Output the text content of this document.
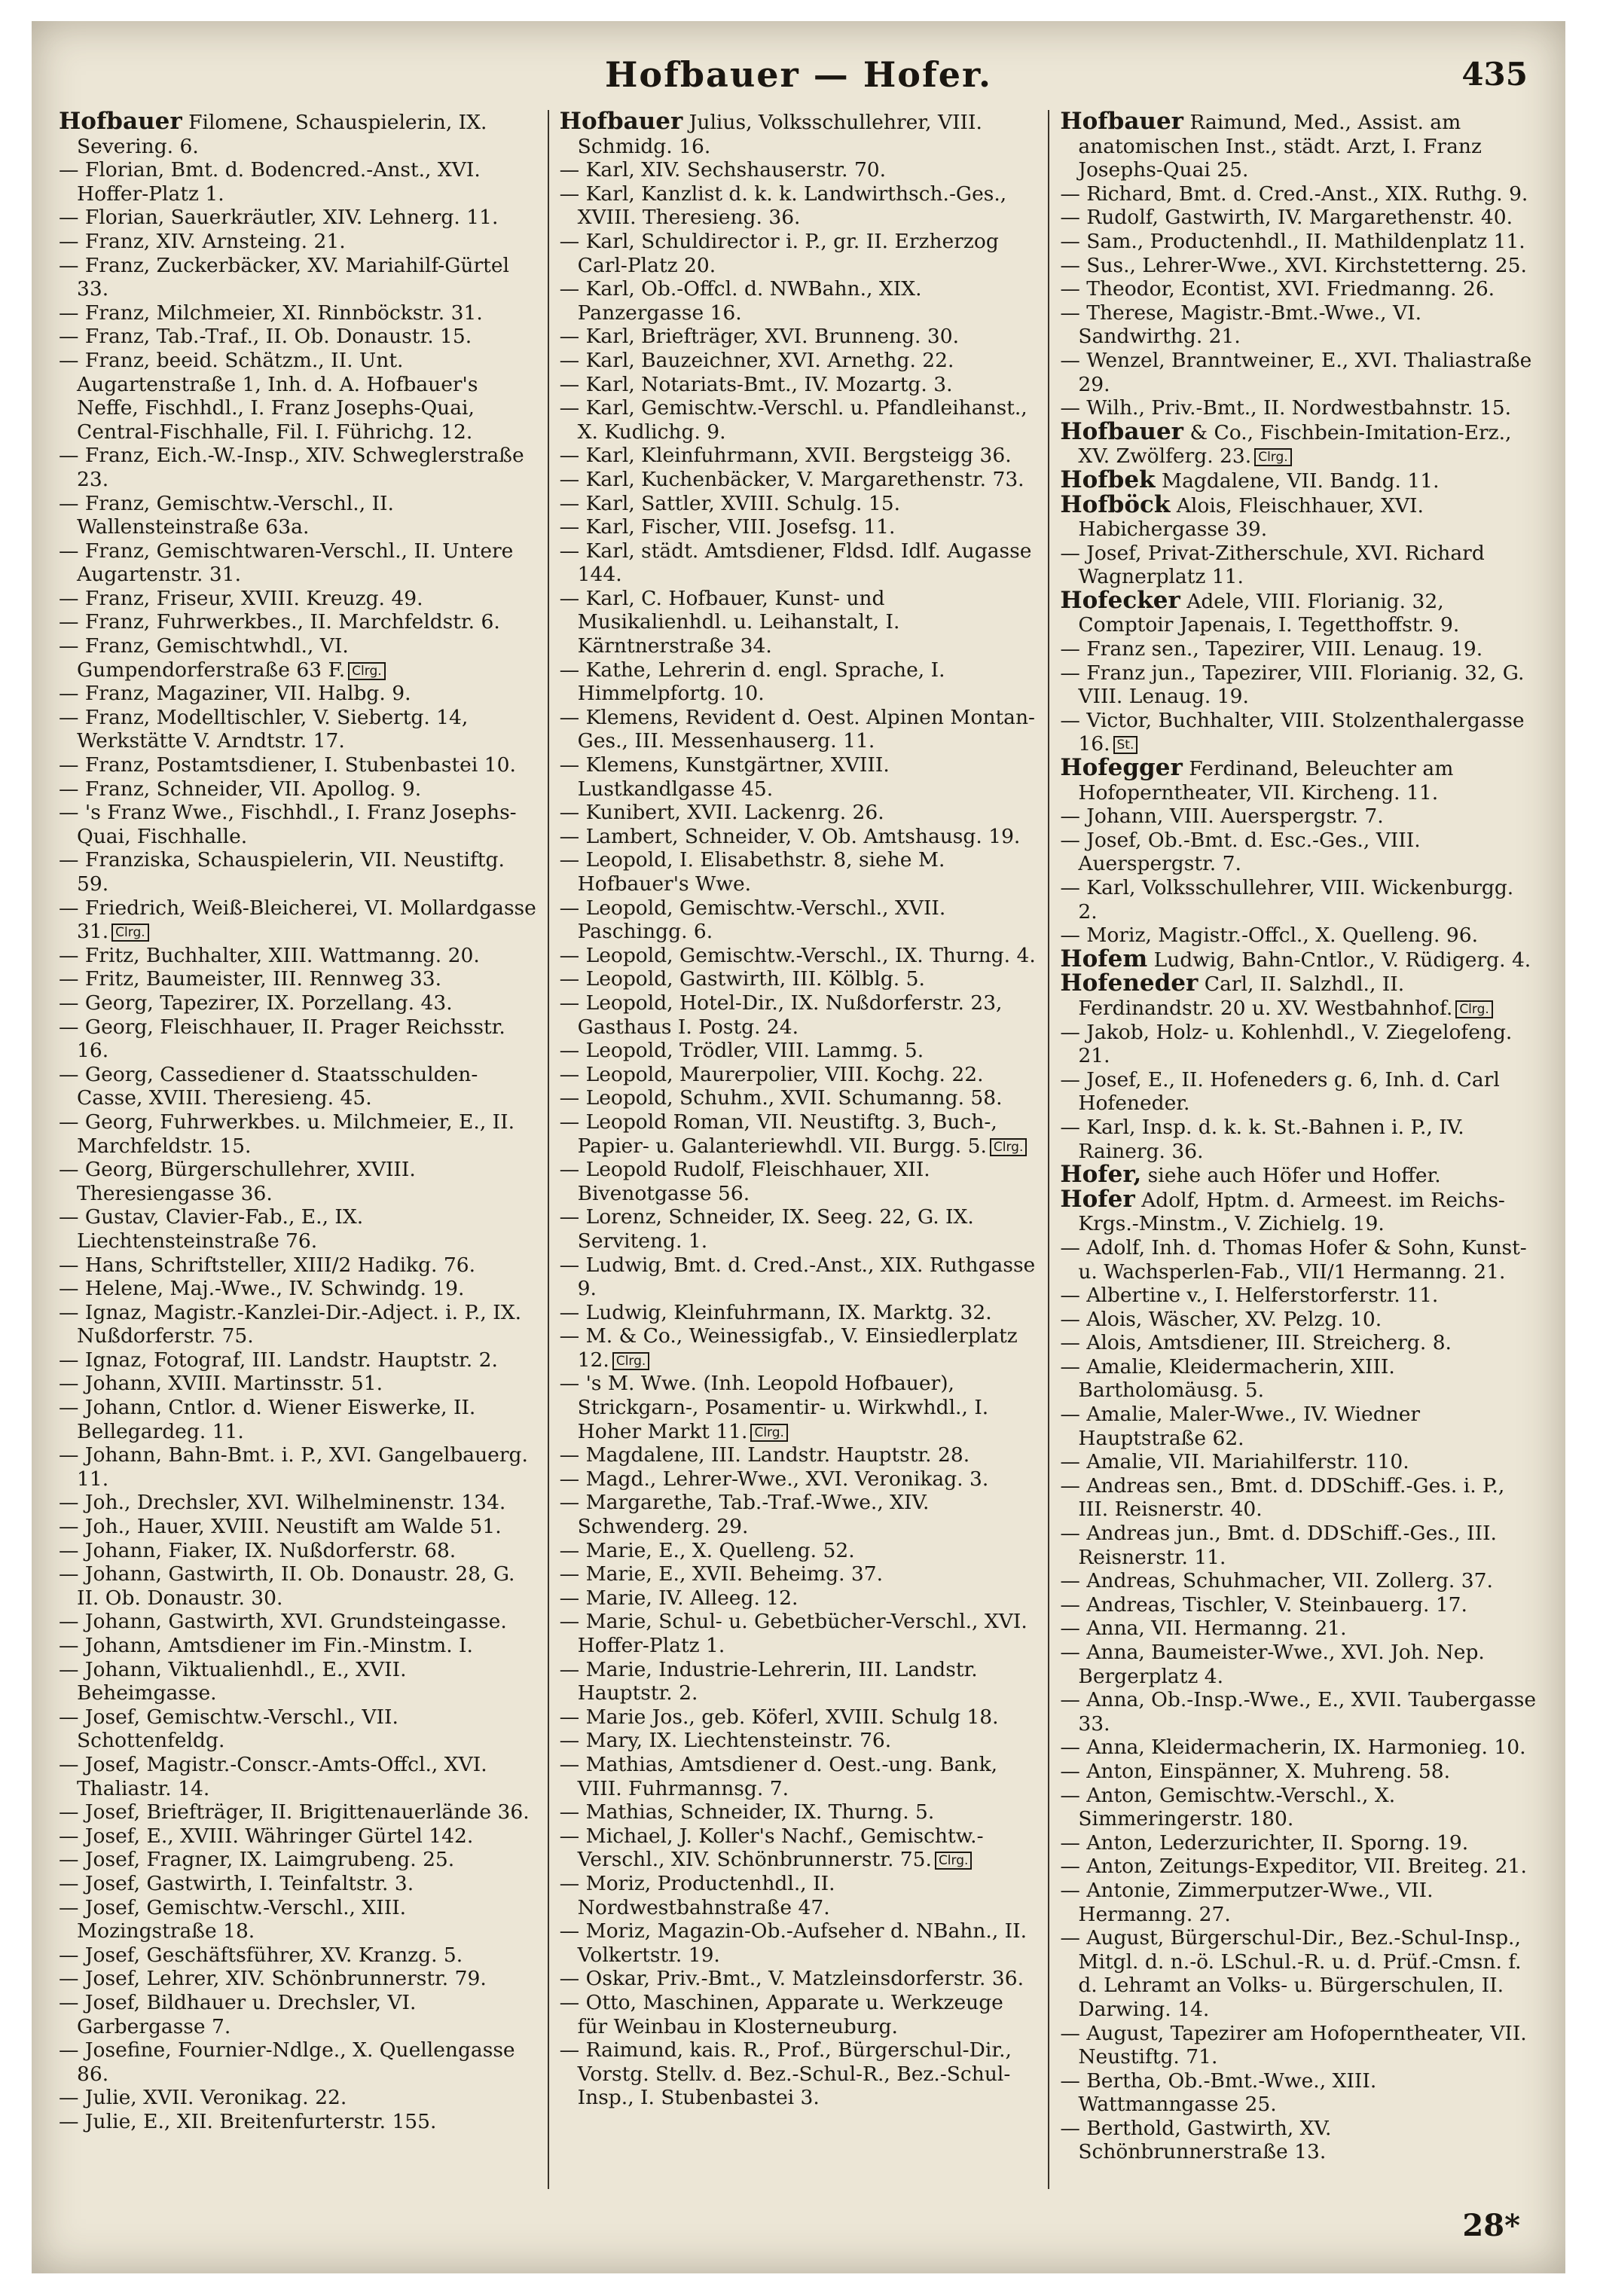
Hofbauer — Hofer.	435
Hofbauer Filomene, Schauspielerin, IX. Severing. 6.
— Florian, Bmt. d. Bodencred.-Anst., XVI. Hoffer-Platz 1.
— Florian, Sauerkräutler, XIV. Lehnerg. 11.
— Franz, XIV. Arnsteing. 21.
— Franz, Zuckerbäcker, XV. Mariahilf-Gürtel 33.
— Franz, Milchmeier, XI. Rinnböckstr. 31.
— Franz, Tab.-Traf., II. Ob. Donaustr. 15.
— Franz, beeid. Schätzm., II. Unt. Augartenstraße 1, Inh. d. A. Hofbauer's Neffe, Fischhdl., I. Franz Josephs-Quai, Central-Fischhalle, Fil. I. Führichg. 12.
— Franz, Eich.-W.-Insp., XIV. Schweglerstraße 23.
— Franz, Gemischtw.-Verschl., II. Wallensteinstraße 63a.
— Franz, Gemischtwaren-Verschl., II. Untere Augartenstr. 31.
— Franz, Friseur, XVIII. Kreuzg. 49.
— Franz, Fuhrwerkbes., II. Marchfeldstr. 6.
— Franz, Gemischtwhdl., VI. Gumpendorferstraße 63 F. Clrg.
— Franz, Magaziner, VII. Halbg. 9.
— Franz, Modelltischler, V. Siebertg. 14, Werkstätte V. Arndtstr. 17.
— Franz, Postamtsdiener, I. Stubenbastei 10.
— Franz, Schneider, VII. Apollog. 9.
— 's Franz Wwe., Fischhdl., I. Franz Josephs-Quai, Fischhalle.
— Franziska, Schauspielerin, VII. Neustiftg. 59.
— Friedrich, Weiß-Bleicherei, VI. Mollardgasse 31. Clrg.
— Fritz, Buchhalter, XIII. Wattmanng. 20.
— Fritz, Baumeister, III. Rennweg 33.
— Georg, Tapezirer, IX. Porzellang. 43.
— Georg, Fleischhauer, II. Prager Reichsstr. 16.
— Georg, Cassediener d. Staatsschulden-Casse, XVIII. Theresieng. 45.
— Georg, Fuhrwerkbes. u. Milchmeier, E., II. Marchfeldstr. 15.
— Georg, Bürgerschullehrer, XVIII. Theresiengasse 36.
— Gustav, Clavier-Fab., E., IX. Liechtensteinstraße 76.
— Hans, Schriftsteller, XIII/2 Hadikg. 76.
— Helene, Maj.-Wwe., IV. Schwindg. 19.
— Ignaz, Magistr.-Kanzlei-Dir.-Adject. i. P., IX. Nußdorferstr. 75.
— Ignaz, Fotograf, III. Landstr. Hauptstr. 2.
— Johann, XVIII. Martinsstr. 51.
— Johann, Cntlor. d. Wiener Eiswerke, II. Bellegardeg. 11.
— Johann, Bahn-Bmt. i. P., XVI. Gangelbauerg. 11.
— Joh., Drechsler, XVI. Wilhelminenstr. 134.
— Joh., Hauer, XVIII. Neustift am Walde 51.
— Johann, Fiaker, IX. Nußdorferstr. 68.
— Johann, Gastwirth, II. Ob. Donaustr. 28, G. II. Ob. Donaustr. 30.
— Johann, Gastwirth, XVI. Grundsteingasse.
— Johann, Amtsdiener im Fin.-Minstm. I.
— Johann, Viktualienhdl., E., XVII. Beheimgasse.
— Josef, Gemischtw.-Verschl., VII. Schottenfeldg.
— Josef, Magistr.-Conscr.-Amts-Offcl., XVI. Thaliastr. 14.
— Josef, Briefträger, II. Brigittenauerlände 36.
— Josef, E., XVIII. Währinger Gürtel 142.
— Josef, Fragner, IX. Laimgrubeng. 25.
— Josef, Gastwirth, I. Teinfaltstr. 3.
— Josef, Gemischtw.-Verschl., XIII. Mozingstraße 18.
— Josef, Geschäftsführer, XV. Kranzg. 5.
— Josef, Lehrer, XIV. Schönbrunnerstr. 79.
— Josef, Bildhauer u. Drechsler, VI. Garbergasse 7.
— Josefine, Fournier-Ndlge., X. Quellengasse 86.
— Julie, XVII. Veronikag. 22.
— Julie, E., XII. Breitenfurterstr. 155.
Hofbauer Julius, Volksschullehrer, VIII. Schmidg. 16.
— Karl, XIV. Sechshauserstr. 70.
— Karl, Kanzlist d. k. k. Landwirthsch.-Ges., XVIII. Theresieng. 36.
— Karl, Schuldirector i. P., gr. II. Erzherzog Carl-Platz 20.
— Karl, Ob.-Offcl. d. NWBahn., XIX. Panzergasse 16.
— Karl, Briefträger, XVI. Brunneng. 30.
— Karl, Bauzeichner, XVI. Arnethg. 22.
— Karl, Notariats-Bmt., IV. Mozartg. 3.
— Karl, Gemischtw.-Verschl. u. Pfandleihanst., X. Kudlichg. 9.
— Karl, Kleinfuhrmann, XVII. Bergsteigg 36.
— Karl, Kuchenbäcker, V. Margarethenstr. 73.
— Karl, Sattler, XVIII. Schulg. 15.
— Karl, Fischer, VIII. Josefsg. 11.
— Karl, städt. Amtsdiener, Fldsd. Idlf. Augasse 144.
— Karl, C. Hofbauer, Kunst- und Musikalienhdl. u. Leihanstalt, I. Kärntnerstraße 34.
— Kathe, Lehrerin d. engl. Sprache, I. Himmelpfortg. 10.
— Klemens, Revident d. Oest. Alpinen Montan-Ges., III. Messenhauserg. 11.
— Klemens, Kunstgärtner, XVIII. Lustkandlgasse 45.
— Kunibert, XVII. Lackenrg. 26.
— Lambert, Schneider, V. Ob. Amtshausg. 19.
— Leopold, I. Elisabethstr. 8, siehe M. Hofbauer's Wwe.
— Leopold, Gemischtw.-Verschl., XVII. Paschingg. 6.
— Leopold, Gemischtw.-Verschl., IX. Thurng. 4.
— Leopold, Gastwirth, III. Kölblg. 5.
— Leopold, Hotel-Dir., IX. Nußdorferstr. 23, Gasthaus I. Postg. 24.
— Leopold, Trödler, VIII. Lammg. 5.
— Leopold, Maurerpolier, VIII. Kochg. 22.
— Leopold, Schuhm., XVII. Schumanng. 58.
— Leopold Roman, VII. Neustiftg. 3, Buch-, Papier- u. Galanteriewhdl. VII. Burgg. 5. Clrg.
— Leopold Rudolf, Fleischhauer, XII. Bivenotgasse 56.
— Lorenz, Schneider, IX. Seeg. 22, G. IX. Serviteng. 1.
— Ludwig, Bmt. d. Cred.-Anst., XIX. Ruthgasse 9.
— Ludwig, Kleinfuhrmann, IX. Marktg. 32.
— M. & Co., Weinessigfab., V. Einsiedlerplatz 12. Clrg.
— 's M. Wwe. (Inh. Leopold Hofbauer), Strickgarn-, Posamentir- u. Wirkwhdl., I. Hoher Markt 11. Clrg.
— Magdalene, III. Landstr. Hauptstr. 28.
— Magd., Lehrer-Wwe., XVI. Veronikag. 3.
— Margarethe, Tab.-Traf.-Wwe., XIV. Schwenderg. 29.
— Marie, E., X. Quelleng. 52.
— Marie, E., XVII. Beheimg. 37.
— Marie, IV. Alleeg. 12.
— Marie, Schul- u. Gebetbücher-Verschl., XVI. Hoffer-Platz 1.
— Marie, Industrie-Lehrerin, III. Landstr. Hauptstr. 2.
— Marie Jos., geb. Köferl, XVIII. Schulg 18.
— Mary, IX. Liechtensteinstr. 76.
— Mathias, Amtsdiener d. Oest.-ung. Bank, VIII. Fuhrmannsg. 7.
— Mathias, Schneider, IX. Thurng. 5.
— Michael, J. Koller's Nachf., Gemischtw.-Verschl., XIV. Schönbrunnerstr. 75. Clrg.
— Moriz, Productenhdl., II. Nordwestbahnstraße 47.
— Moriz, Magazin-Ob.-Aufseher d. NBahn., II. Volkertstr. 19.
— Oskar, Priv.-Bmt., V. Matzleinsdorferstr. 36.
— Otto, Maschinen, Apparate u. Werkzeuge für Weinbau in Klosterneuburg.
— Raimund, kais. R., Prof., Bürgerschul-Dir., Vorstg. Stellv. d. Bez.-Schul-R., Bez.-Schul-Insp., I. Stubenbastei 3.
Hofbauer Raimund, Med., Assist. am anatomischen Inst., städt. Arzt, I. Franz Josephs-Quai 25.
— Richard, Bmt. d. Cred.-Anst., XIX. Ruthg. 9.
— Rudolf, Gastwirth, IV. Margarethenstr. 40.
— Sam., Productenhdl., II. Mathildenplatz 11.
— Sus., Lehrer-Wwe., XVI. Kirchstetterng. 25.
— Theodor, Econtist, XVI. Friedmanng. 26.
— Therese, Magistr.-Bmt.-Wwe., VI. Sandwirthg. 21.
— Wenzel, Branntweiner, E., XVI. Thaliastraße 29.
— Wilh., Priv.-Bmt., II. Nordwestbahnstr. 15.
Hofbauer & Co., Fischbein-Imitation-Erz., XV. Zwölferg. 23. Clrg.
Hofbek Magdalene, VII. Bandg. 11.
Hofböck Alois, Fleischhauer, XVI. Habichergasse 39.
— Josef, Privat-Zitherschule, XVI. Richard Wagnerplatz 11.
Hofecker Adele, VIII. Florianig. 32, Comptoir Japenais, I. Tegetthoffstr. 9.
— Franz sen., Tapezirer, VIII. Lenaug. 19.
— Franz jun., Tapezirer, VIII. Florianig. 32, G. VIII. Lenaug. 19.
— Victor, Buchhalter, VIII. Stolzenthalergasse 16. St.
Hofegger Ferdinand, Beleuchter am Hofoperntheater, VII. Kircheng. 11.
— Johann, VIII. Auerspergstr. 7.
— Josef, Ob.-Bmt. d. Esc.-Ges., VIII. Auerspergstr. 7.
— Karl, Volksschullehrer, VIII. Wickenburgg. 2.
— Moriz, Magistr.-Offcl., X. Quelleng. 96.
Hofem Ludwig, Bahn-Cntlor., V. Rüdigerg. 4.
Hofeneder Carl, II. Salzhdl., II. Ferdinandstr. 20 u. XV. Westbahnhof. Clrg.
— Jakob, Holz- u. Kohlenhdl., V. Ziegelofeng. 21.
— Josef, E., II. Hofeneders g. 6, Inh. d. Carl Hofeneder.
— Karl, Insp. d. k. k. St.-Bahnen i. P., IV. Rainerg. 36.
Hofer, siehe auch Höfer und Hoffer.
Hofer Adolf, Hptm. d. Armeest. im Reichs-Krgs.-Minstm., V. Zichielg. 19.
— Adolf, Inh. d. Thomas Hofer & Sohn, Kunst- u. Wachsperlen-Fab., VII/1 Hermanng. 21.
— Albertine v., I. Helferstorferstr. 11.
— Alois, Wäscher, XV. Pelzg. 10.
— Alois, Amtsdiener, III. Streicherg. 8.
— Amalie, Kleidermacherin, XIII. Bartholomäusg. 5.
— Amalie, Maler-Wwe., IV. Wiedner Hauptstraße 62.
— Amalie, VII. Mariahilferstr. 110.
— Andreas sen., Bmt. d. DDSchiff.-Ges. i. P., III. Reisnerstr. 40.
— Andreas jun., Bmt. d. DDSchiff.-Ges., III. Reisnerstr. 11.
— Andreas, Schuhmacher, VII. Zollerg. 37.
— Andreas, Tischler, V. Steinbauerg. 17.
— Anna, VII. Hermanng. 21.
— Anna, Baumeister-Wwe., XVI. Joh. Nep. Bergerplatz 4.
— Anna, Ob.-Insp.-Wwe., E., XVII. Taubergasse 33.
— Anna, Kleidermacherin, IX. Harmonieg. 10.
— Anton, Einspänner, X. Muhreng. 58.
— Anton, Gemischtw.-Verschl., X. Simmeringerstr. 180.
— Anton, Lederzurichter, II. Sporng. 19.
— Anton, Zeitungs-Expeditor, VII. Breiteg. 21.
— Antonie, Zimmerputzer-Wwe., VII. Hermanng. 27.
— August, Bürgerschul-Dir., Bez.-Schul-Insp., Mitgl. d. n.-ö. LSchul.-R. u. d. Prüf.-Cmsn. f. d. Lehramt an Volks- u. Bürgerschulen, II. Darwing. 14.
— August, Tapezirer am Hofoperntheater, VII. Neustiftg. 71.
— Bertha, Ob.-Bmt.-Wwe., XIII. Wattmanngasse 25.
— Berthold, Gastwirth, XV. Schönbrunnerstraße 13.
28*
